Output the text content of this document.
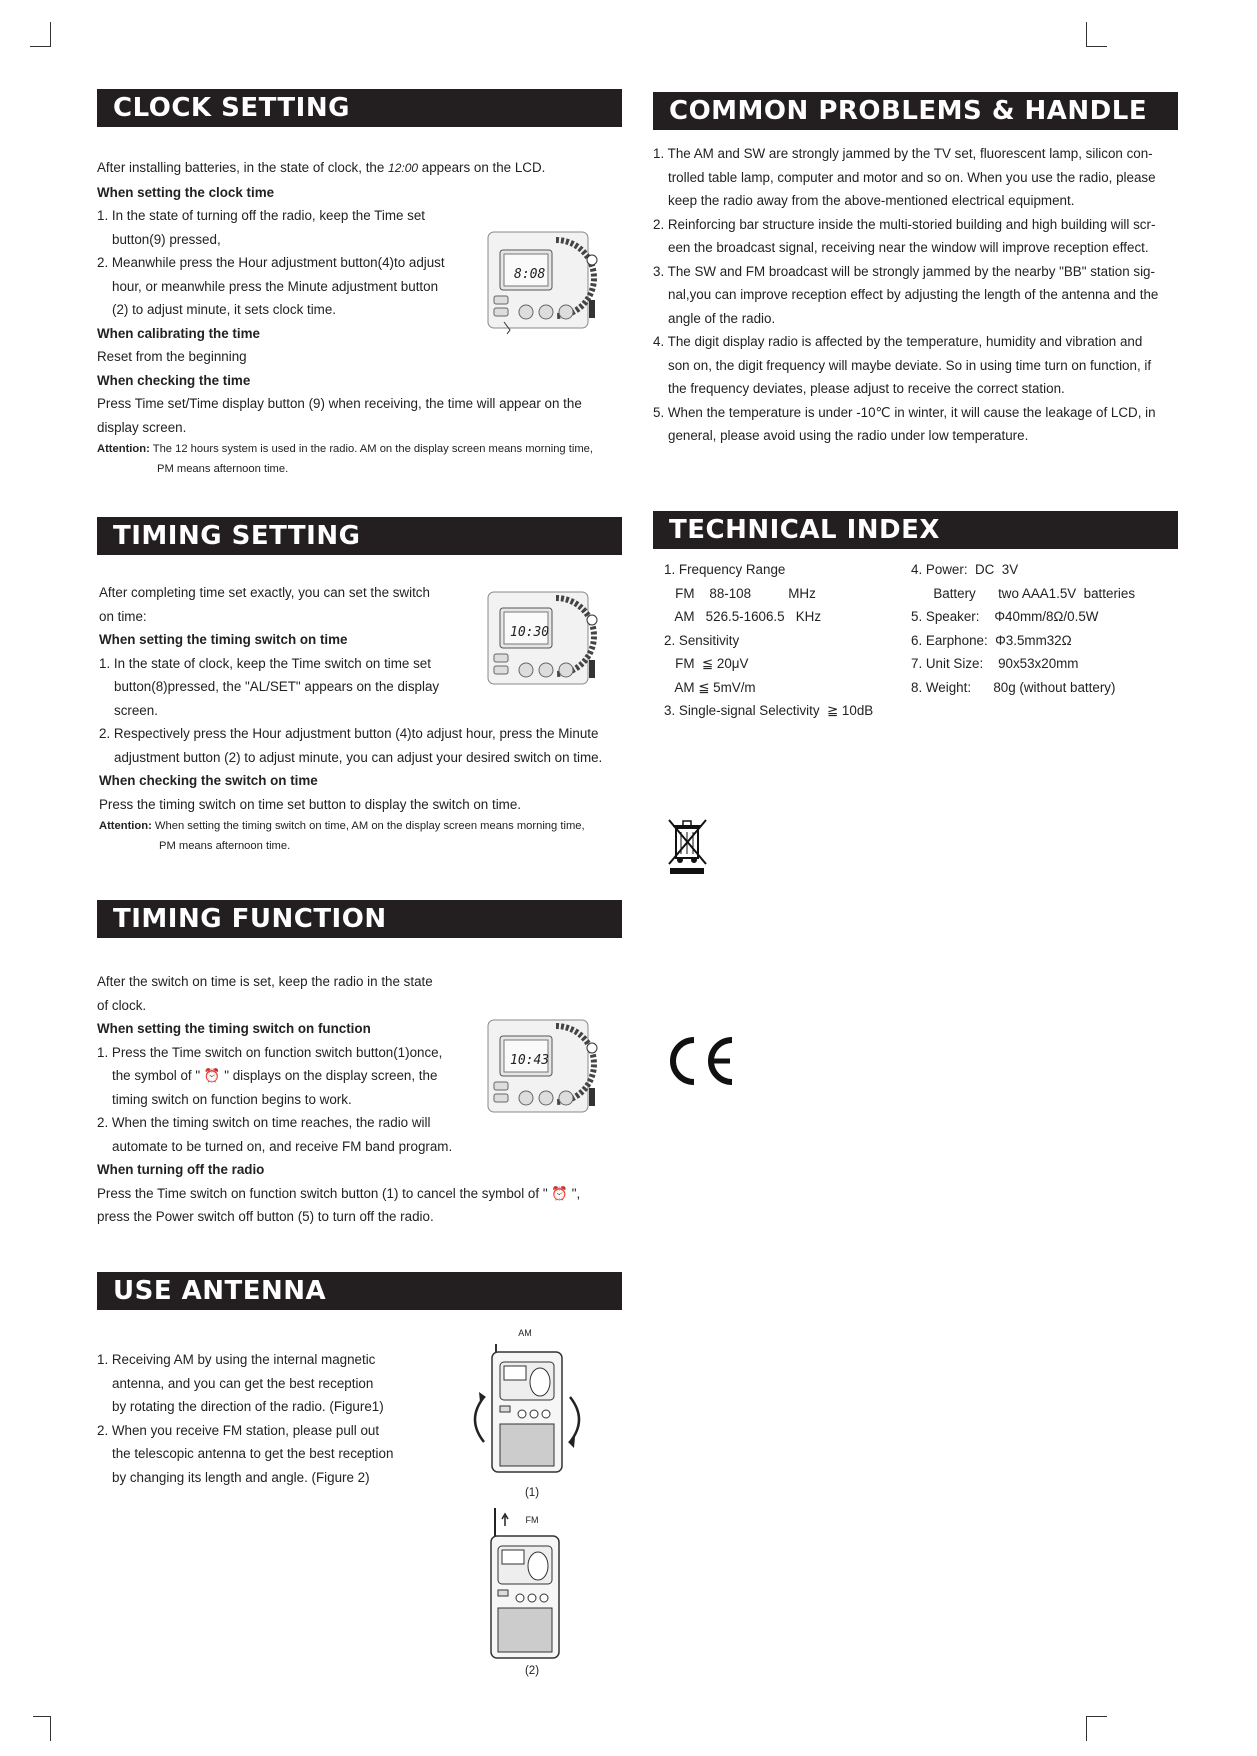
CLOCK SETTING

After installing batteries, in the state of clock, the 12:00 appears on the LCD.

When setting the clock time

1. In the state of turning off the radio, keep the Time set

button(9) pressed,

2. Meanwhile press the Hour adjustment button(4)to adjust

hour, or meanwhile press the Minute adjustment button

(2) to adjust minute, it sets clock time.

When calibrating the time

Reset from the beginning

When checking the time

Press Time set/Time display button (9) when receiving, the time will appear on the

display screen.

Attention: The 12 hours system is used in the radio. AM on the display screen means morning time,

PM means afternoon time.

8:08
TIMING SETTING

After completing time set exactly, you can set the switch

on time:

When setting the timing switch on time

1. In the state of clock, keep the Time switch on time set

button(8)pressed, the "AL/SET" appears on the display

screen.

2. Respectively press the Hour adjustment button (4)to adjust hour, press the Minute

adjustment button (2) to adjust minute, you can adjust your desired switch on time.

When checking the switch on time

Press the timing switch on time set button to display the switch on time.

Attention: When setting the timing switch on time, AM on the display screen means morning time,

PM means afternoon time.

10:30
TIMING FUNCTION

After the switch on time is set, keep the radio in the state

of clock.

When setting the timing switch on function

1. Press the Time switch on function switch button(1)once,

the symbol of " ⏰ " displays on the display screen, the

timing switch on function begins to work.

2. When the timing switch on time reaches, the radio will

automate to be turned on, and receive FM band program.

When turning off the radio

Press the Time switch on function switch button (1) to cancel the symbol of " ⏰ ",

press the Power switch off button (5) to turn off the radio.

10:43
USE ANTENNA

1. Receiving AM by using the internal magnetic

antenna, and you can get the best reception

by rotating the direction of the radio. (Figure1)

2. When you receive FM station, please pull out

the telescopic antenna to get the best reception

by changing its length and angle. (Figure 2)

AM
(1)
FM
(2)
COMMON PROBLEMS & HANDLE

1. The AM and SW are strongly jammed by the TV set, fluorescent lamp, silicon con-

trolled table lamp, computer and motor and so on. When you use the radio, please

keep the radio away from the above-mentioned electrical equipment.

2. Reinforcing bar structure inside the multi-storied building and high building will scr-

een the broadcast signal, receiving near the window will improve reception effect.

3. The SW and FM broadcast will be strongly jammed by the nearby "BB" station sig-

nal,you can improve reception effect by adjusting the length of the antenna and the

angle of the radio.

4. The digit display radio is affected by the temperature, humidity and vibration and

son on, the digit frequency will maybe deviate. So in using time turn on function, if

the frequency deviates, please adjust to receive the correct station.

5. When the temperature is under -10℃ in winter, it will cause the leakage of LCD, in

general, please avoid using the radio under low temperature.

TECHNICAL INDEX

1. Frequency Range

FM    88-108          MHz

AM   526.5-1606.5   KHz

2. Sensitivity

FM  ≦ 20μV

AM ≦ 5mV/m

3. Single-signal Selectivity  ≧ 10dB

4. Power:  DC  3V

Battery      two AAA1.5V  batteries

5. Speaker:    Φ40mm/8Ω/0.5W

6. Earphone:  Φ3.5mm32Ω

7. Unit Size:    90x53x20mm

8. Weight:      80g (without battery)
